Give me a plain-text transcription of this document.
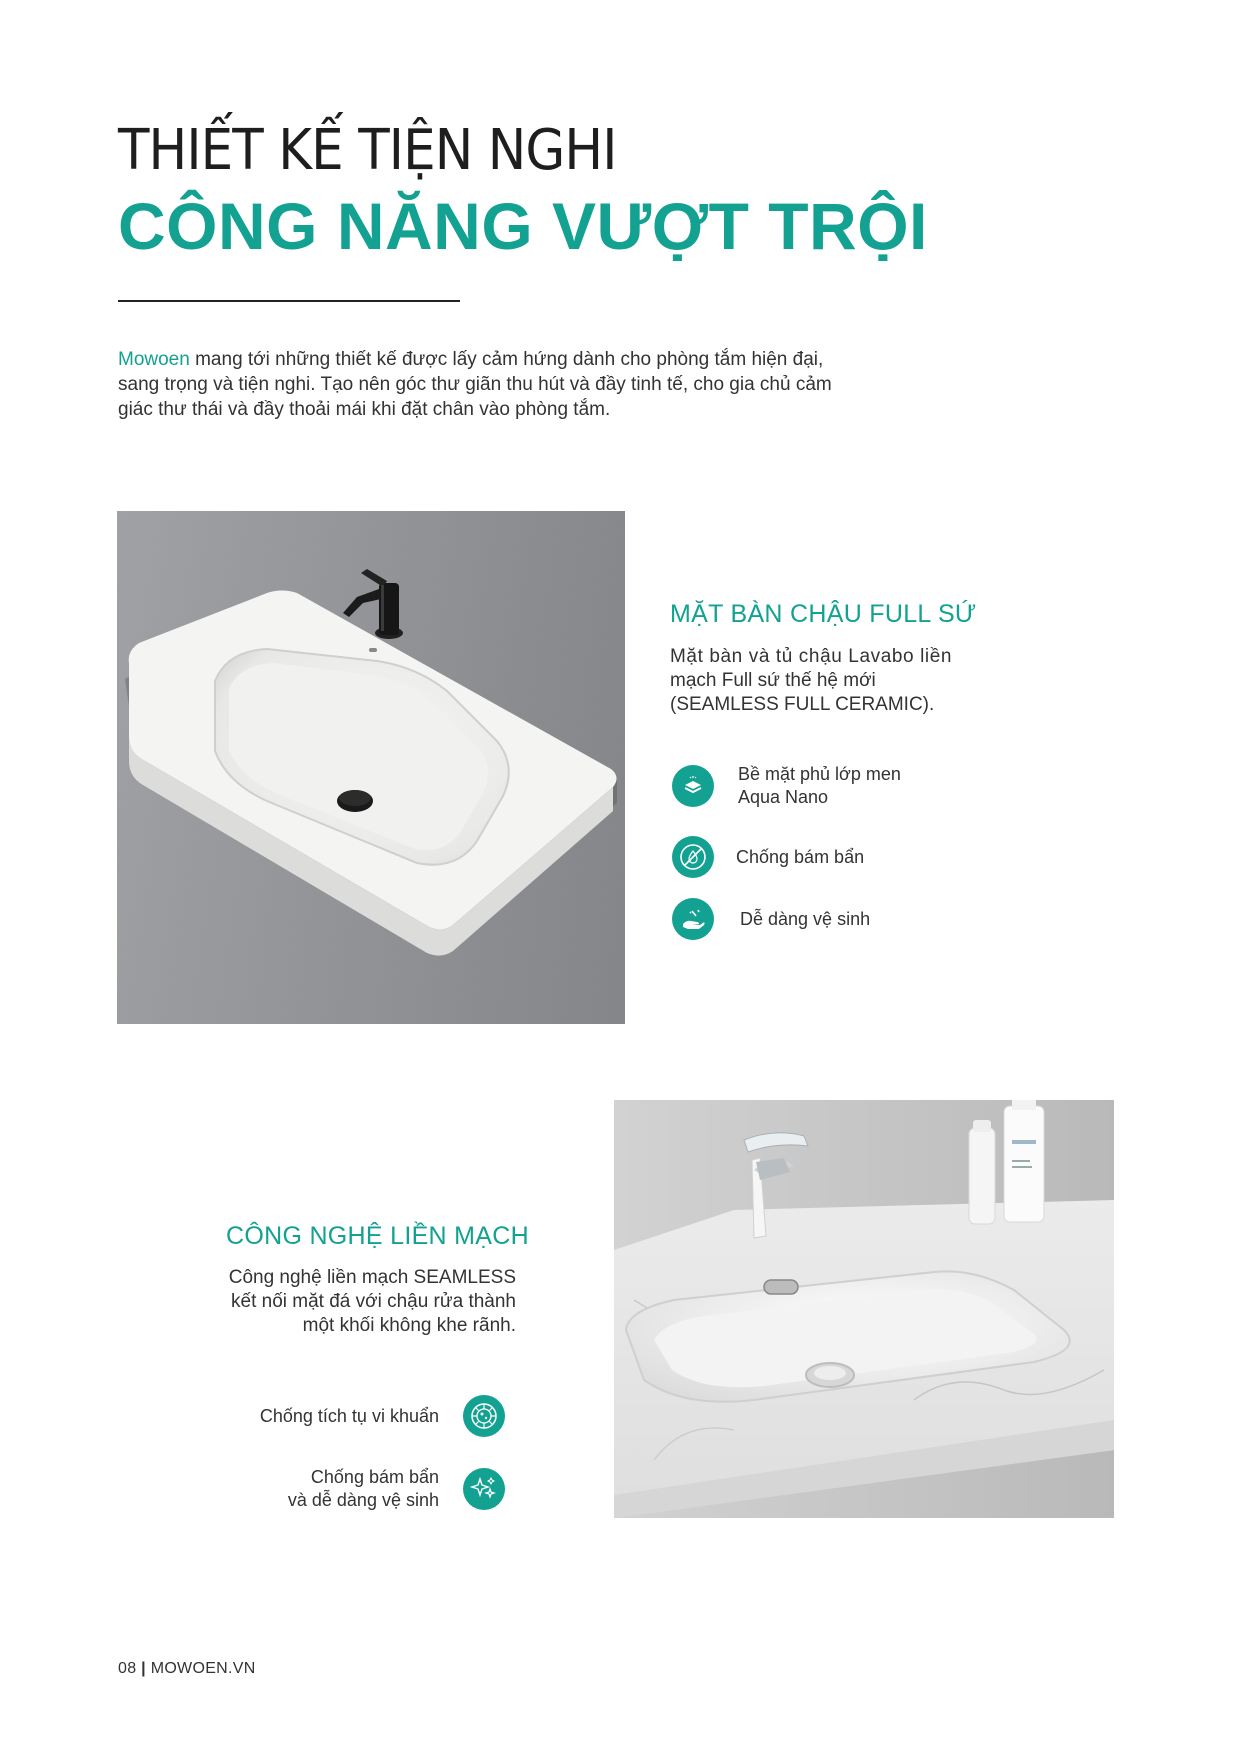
THIẾT KẾ TIỆN NGHI
CÔNG NĂNG VƯỢT TRỘI
Mowoen mang tới những thiết kế được lấy cảm hứng dành cho phòng tắm hiện đại,
sang trọng và tiện nghi. Tạo nên góc thư giãn thu hút và đầy tinh tế, cho gia chủ cảm
giác thư thái và đầy thoải mái khi đặt chân vào phòng tắm.
MẶT BÀN CHẬU FULL SỨ
Mặt bàn và tủ chậu Lavabo liền
mạch Full sứ thế hệ mới
(SEAMLESS FULL CERAMIC).
Bề mặt phủ lớp men
Aqua Nano
Chống bám bẩn
Dễ dàng vệ sinh
CÔNG NGHỆ LIỀN MẠCH
Công nghệ liền mạch SEAMLESS
kết nối mặt đá với chậu rửa thành
một khối không khe rãnh.
Chống tích tụ vi khuẩn
Chống bám bẩn
và dễ dàng vệ sinh
08 | MOWOEN.VN
